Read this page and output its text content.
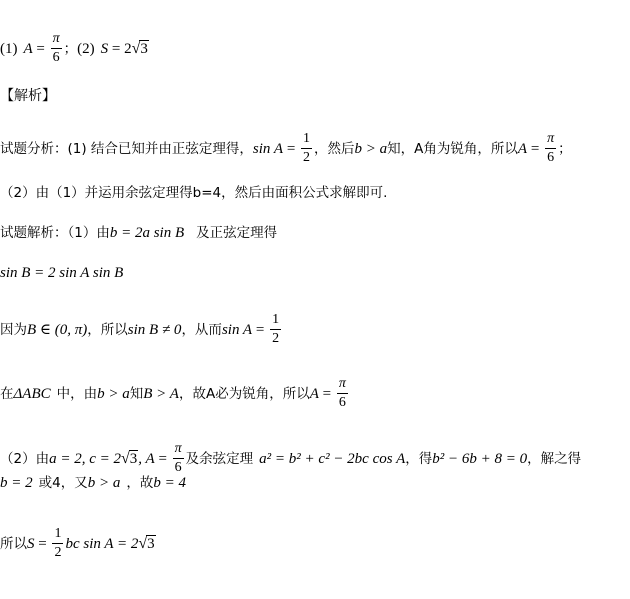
(1) $A = \frac{\pi}{6}$ ； (2) S = 2 √ 3
【解析】
试题分析：(1) 结合已知并由正弦定理得， $\sin A = \frac{1}{2}$ ，然后 b > a 知，A角为锐角，所以 $A = \frac{\pi}{6}$ ；
（2）由（1）并运用余弦定理得b=4，然后由面积公式求解即可.
试题解析：（1）由 b = 2a sin B 及正弦定理得
sin B = 2 sin A sin B
因为 B ∈ (0, π) ，所以 sin B ≠ 0 ，从而 $\sin A = \frac{1}{2}$
在 ΔABC 中，由 b > a 知 B > A ，故A必为锐角，所以 $A = \frac{\pi}{6}$
（2）由 a = 2, c = 2 √ 3 , $A = \frac{\pi}{6}$ 及余弦定理 a² = b² + c² − 2bc cos A ，得 b² − 6b + 8 = 0 ，解之得
b = 2 或4，又 b > a ，故 b = 4
所以 $S = \frac{1}{2}$ bc sin A = 2 √ 3
